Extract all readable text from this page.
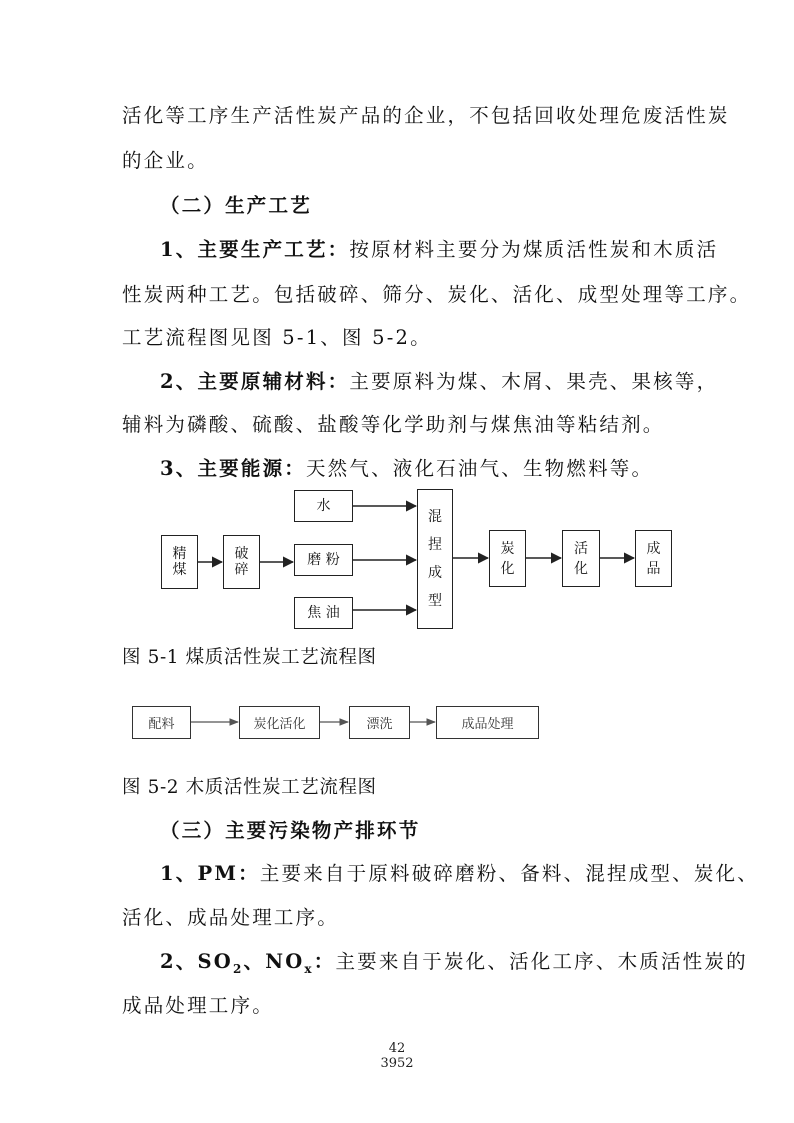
活化等工序生产活性炭产品的企业，不包括回收处理危废活性炭

的企业。

（二）生产工艺

1、主要生产工艺：按原材料主要分为煤质活性炭和木质活

性炭两种工艺。包括破碎、筛分、炭化、活化、成型处理等工序。

工艺流程图见图 5-1、图 5-2。

2、主要原辅材料：主要原料为煤、木屑、果壳、果核等，

辅料为磷酸、硫酸、盐酸等化学助剂与煤焦油等粘结剂。

3、主要能源：天然气、液化石油气、生物燃料等。

精
煤
破
碎
水
磨 粉
焦 油
混
捏
成
型
炭
化
活
化
成
品

图 5-1 煤质活性炭工艺流程图

配料	炭化活化	漂洗	成品处理

图 5-2 木质活性炭工艺流程图

（三）主要污染物产排环节

1、PM：主要来自于原料破碎磨粉、备料、混捏成型、炭化、

活化、成品处理工序。

2、$SO_2$、$NO_x$：主要来自于炭化、活化工序、木质活性炭的

成品处理工序。

42
3952
